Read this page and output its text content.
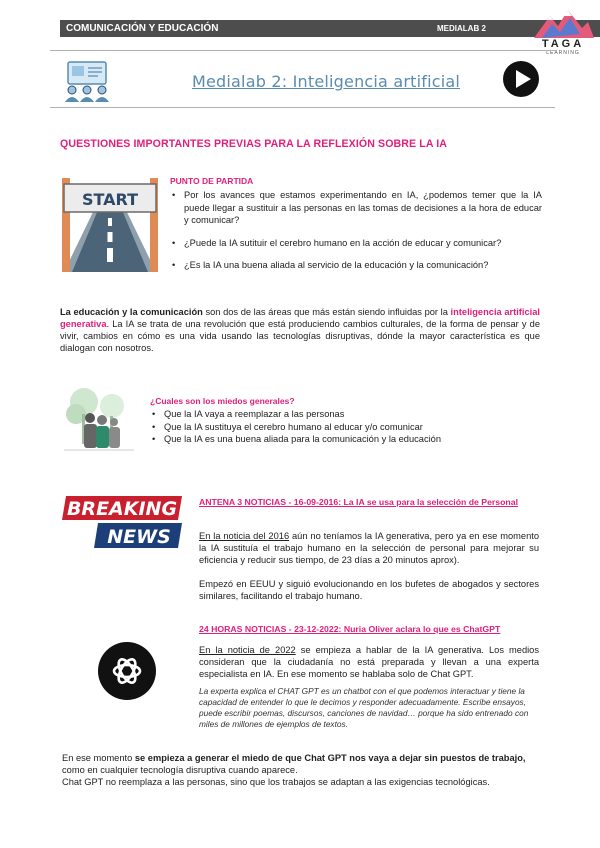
COMUNICACIÓN Y EDUCACIÓN	MEDIALAB 2
TAGA
LEARNING
Medialab 2: Inteligencia artificial
QUESTIONES IMPORTANTES PREVIAS PARA LA REFLEXIÓN SOBRE LA IA
START
PUNTO DE PARTIDA
• Por los avances que estamos experimentando en IA, ¿podemos temer que la IA puede llegar a sustituir a las personas en las tomas de decisiones a la hora de educar y comunicar?
• ¿Puede la IA sutituir el cerebro humano en la acción de educar y comunicar?
• ¿Es la IA una buena aliada al servicio de la educación y la comunicación?

La educación y la comunicación son dos de las áreas que más están siendo influidas por la inteligencia artificial generativa. La IA se trata de una revolución que está produciendo cambios culturales, de la forma de pensar y de vivir, cambios en cómo es una vida usando las tecnologías disruptivas, dónde la mayor característica es que dialogan con nosotros.

¿Cuales son los miedos generales?
• Que la IA vaya a reemplazar a las personas
• Que la IA sustituya el cerebro humano al educar y/o comunicar
• Que la IA es una buena aliada para la comunicación y la educación
BREAKING
NEWS
ANTENA 3 NOTICIAS - 16-09-2016: La IA se usa para la selección de Personal

En la noticia del 2016 aún no teníamos la IA generativa, pero ya en ese momento la IA sustituía el trabajo humano en la selección de personal para mejorar su eficiencia y reducir sus tiempo, de 23 días a 20 minutos aprox).

Empezó en EEUU y siguió evolucionando en los bufetes de abogados y sectores similares, facilitando el trabajo humano.

24 HORAS NOTICIAS - 23-12-2022: Nuria Oliver aclara lo que es ChatGPT

En la noticia de 2022 se empieza a hablar de la IA generativa. Los medios consideran que la ciudadanía no está preparada y llevan a una experta especialista en IA. En ese momento se hablaba solo de Chat GPT.

La experta explica el CHAT GPT es un chatbot con el que podemos interactuar y tiene la capacidad de entender lo que le decimos y responder adecuadamente. Escribe ensayos, puede escribir poemas, discursos, canciones de navidad… porque ha sido entrenado con miles de millones de ejemplos de textos.

En ese momento se empieza a generar el miedo de que Chat GPT nos vaya a dejar sin puestos de trabajo, como en cualquier tecnología disruptiva cuando aparece.
Chat GPT no reemplaza a las personas, sino que los trabajos se adaptan a las exigencias tecnológicas.
